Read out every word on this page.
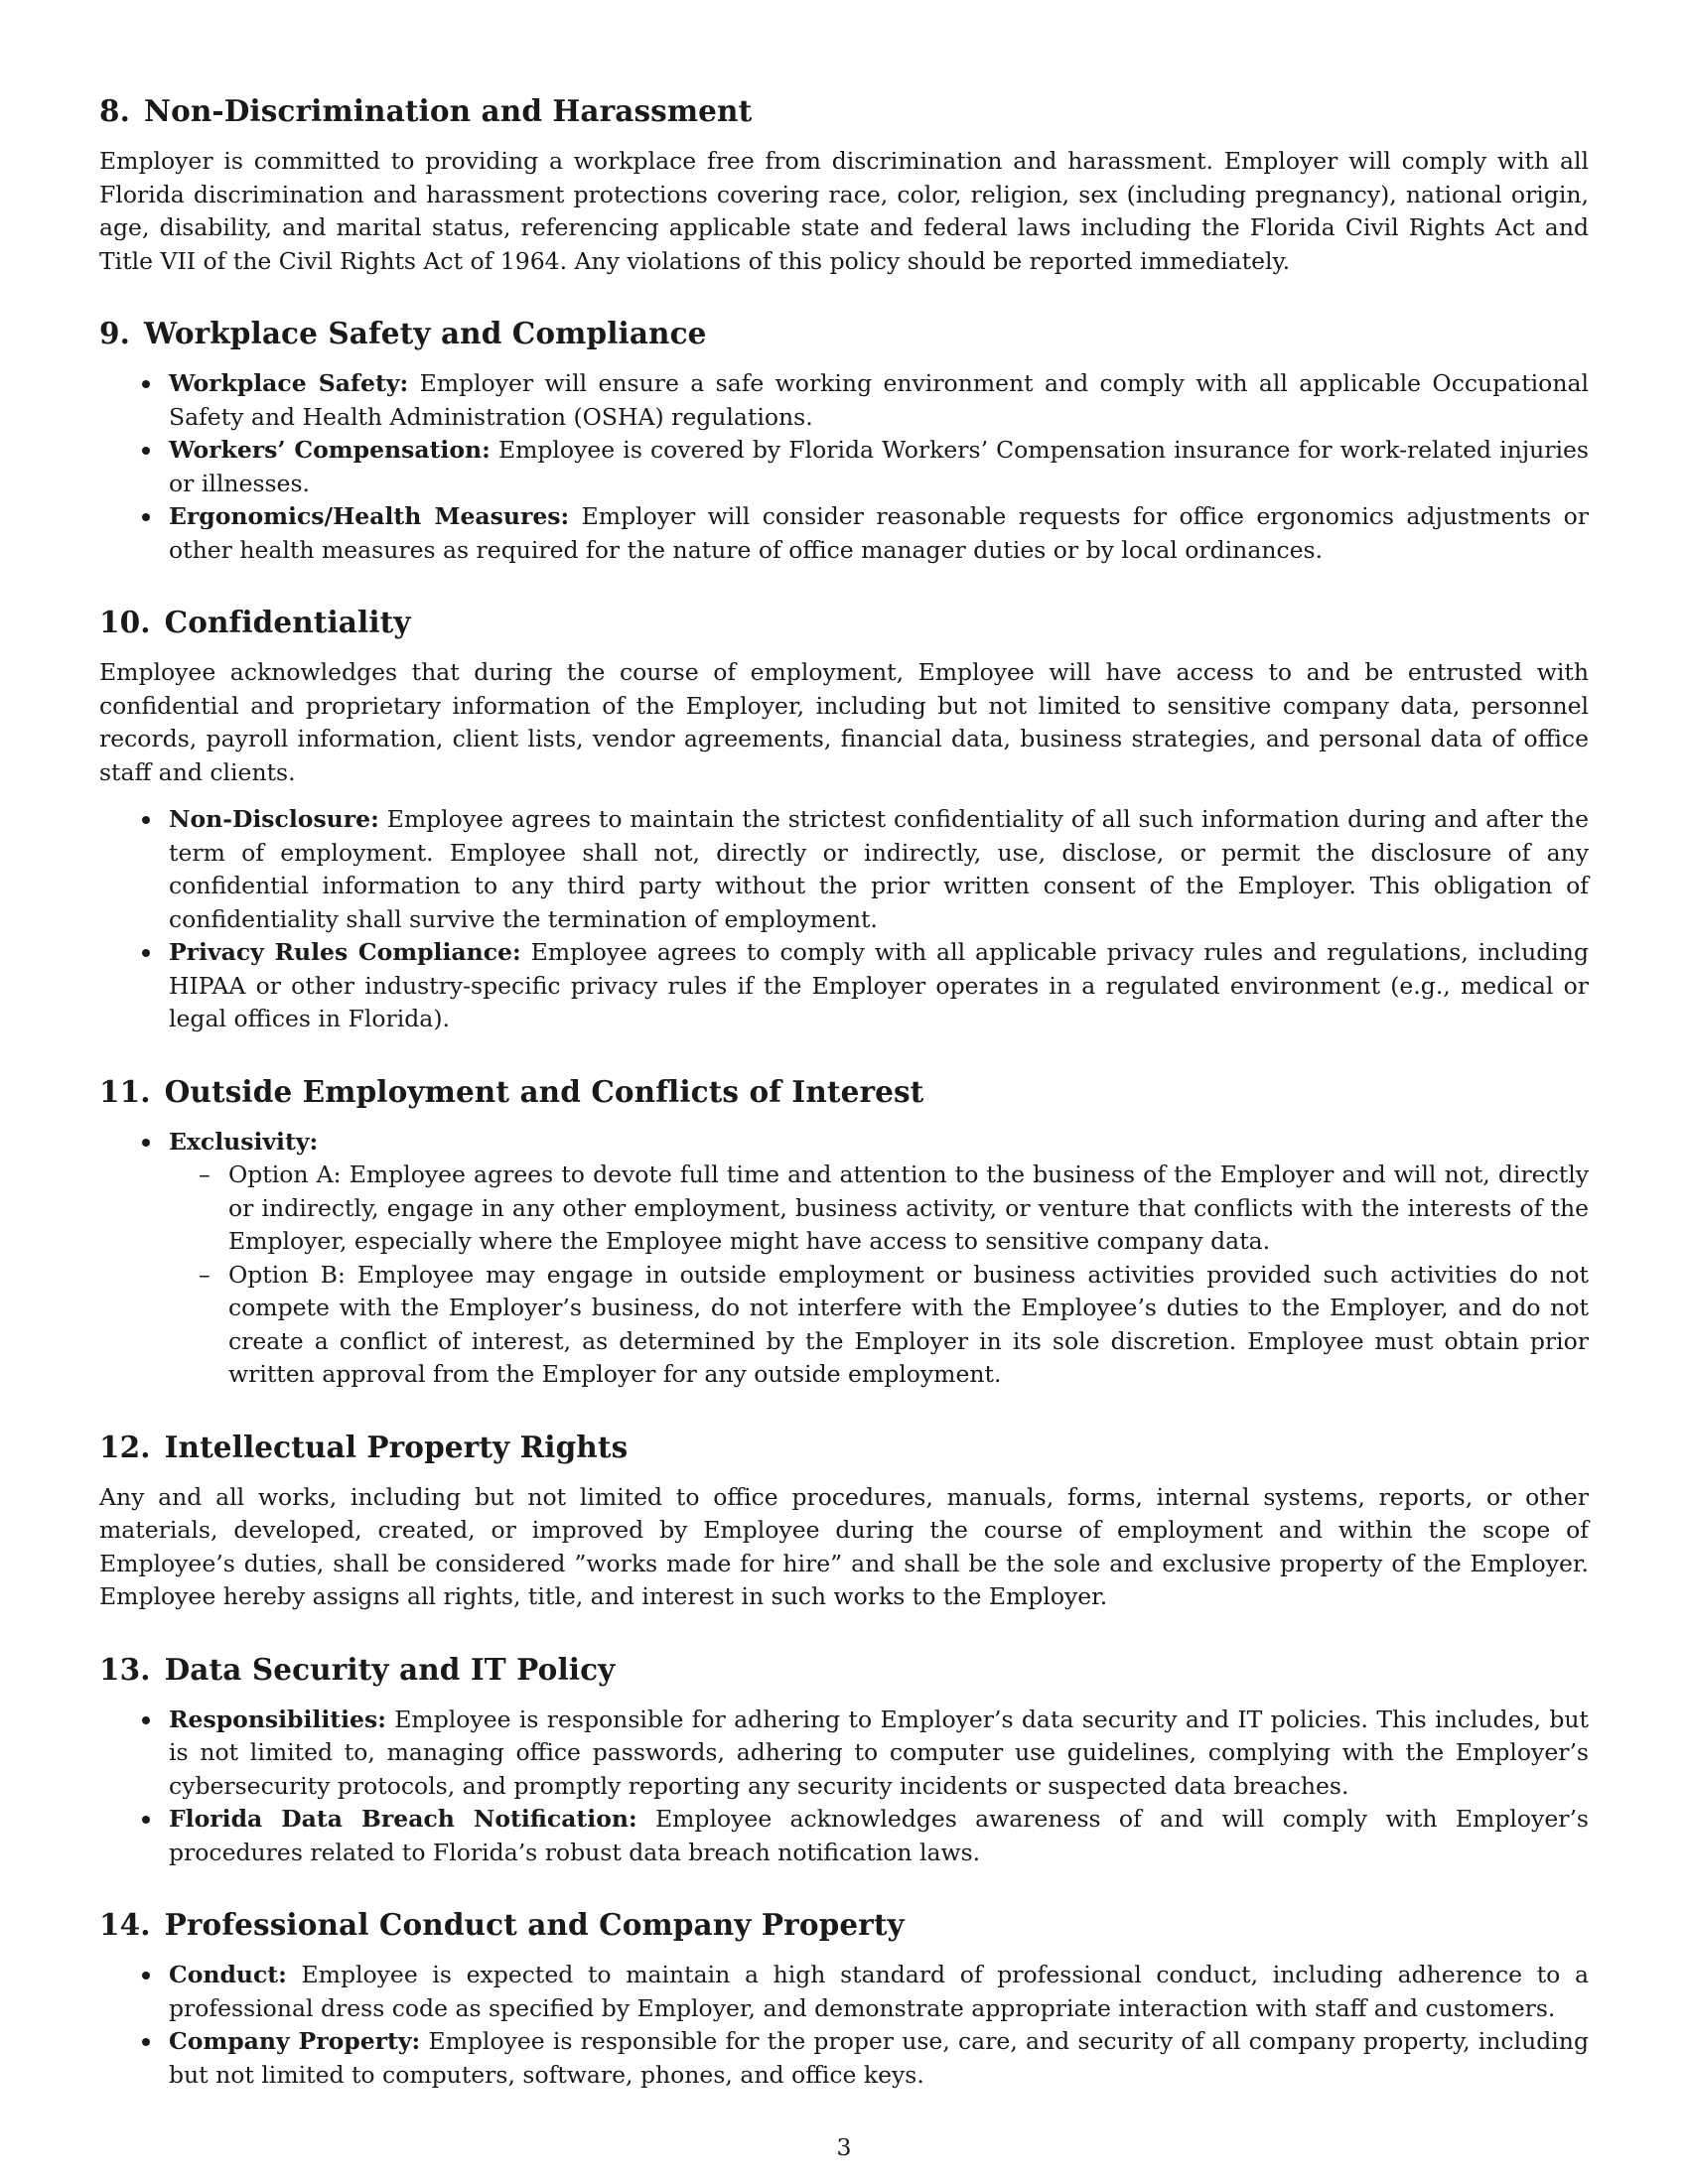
8. Non-Discrimination and Harassment

Employer is committed to providing a workplace free from discrimination and harassment. Employer will comply with all Florida discrimination and harassment protections covering race, color, religion, sex (including pregnancy), national origin, age, disability, and marital status, referencing applicable state and federal laws including the Florida Civil Rights Act and Title VII of the Civil Rights Act of 1964. Any violations of this policy should be reported immediately.

9. Workplace Safety and Compliance
Workplace Safety: Employer will ensure a safe working environment and comply with all applicable Occupational Safety and Health Administration (OSHA) regulations.
Workers’ Compensation: Employee is covered by Florida Workers’ Compensation insurance for work-related injuries or illnesses.
Ergonomics/Health Measures: Employer will consider reasonable requests for office ergonomics adjustments or other health measures as required for the nature of office manager duties or by local ordinances.
10. Confidentiality

Employee acknowledges that during the course of employment, Employee will have access to and be entrusted with confidential and proprietary information of the Employer, including but not limited to sensitive company data, personnel records, payroll information, client lists, vendor agreements, financial data, business strategies, and personal data of office staff and clients.

Non-Disclosure: Employee agrees to maintain the strictest confidentiality of all such information during and after the term of employment. Employee shall not, directly or indirectly, use, disclose, or permit the disclosure of any confidential information to any third party without the prior written consent of the Employer. This obligation of confidentiality shall survive the termination of employment.
Privacy Rules Compliance: Employee agrees to comply with all applicable privacy rules and regulations, including HIPAA or other industry-specific privacy rules if the Employer operates in a regulated environment (e.g., medical or legal offices in Florida).
11. Outside Employment and Conflicts of Interest
Exclusivity:
– Option A: Employee agrees to devote full time and attention to the business of the Employer and will not, directly or indirectly, engage in any other employment, business activity, or venture that conflicts with the interests of the Employer, especially where the Employee might have access to sensitive company data.
– Option B: Employee may engage in outside employment or business activities provided such activities do not compete with the Employer’s business, do not interfere with the Employee’s duties to the Employer, and do not create a conflict of interest, as determined by the Employer in its sole discretion. Employee must obtain prior written approval from the Employer for any outside employment.
12. Intellectual Property Rights

Any and all works, including but not limited to office procedures, manuals, forms, internal systems, reports, or other materials, developed, created, or improved by Employee during the course of employment and within the scope of Employee’s duties, shall be considered ”works made for hire” and shall be the sole and exclusive property of the Employer. Employee hereby assigns all rights, title, and interest in such works to the Employer.

13. Data Security and IT Policy
Responsibilities: Employee is responsible for adhering to Employer’s data security and IT policies. This includes, but is not limited to, managing office passwords, adhering to computer use guidelines, complying with the Employer’s cybersecurity protocols, and promptly reporting any security incidents or suspected data breaches.
Florida Data Breach Notification: Employee acknowledges awareness of and will comply with Employer’s procedures related to Florida’s robust data breach notification laws.
14. Professional Conduct and Company Property
Conduct: Employee is expected to maintain a high standard of professional conduct, including adherence to a professional dress code as specified by Employer, and demonstrate appropriate interaction with staff and customers.
Company Property: Employee is responsible for the proper use, care, and security of all company property, including but not limited to computers, software, phones, and office keys.
3
